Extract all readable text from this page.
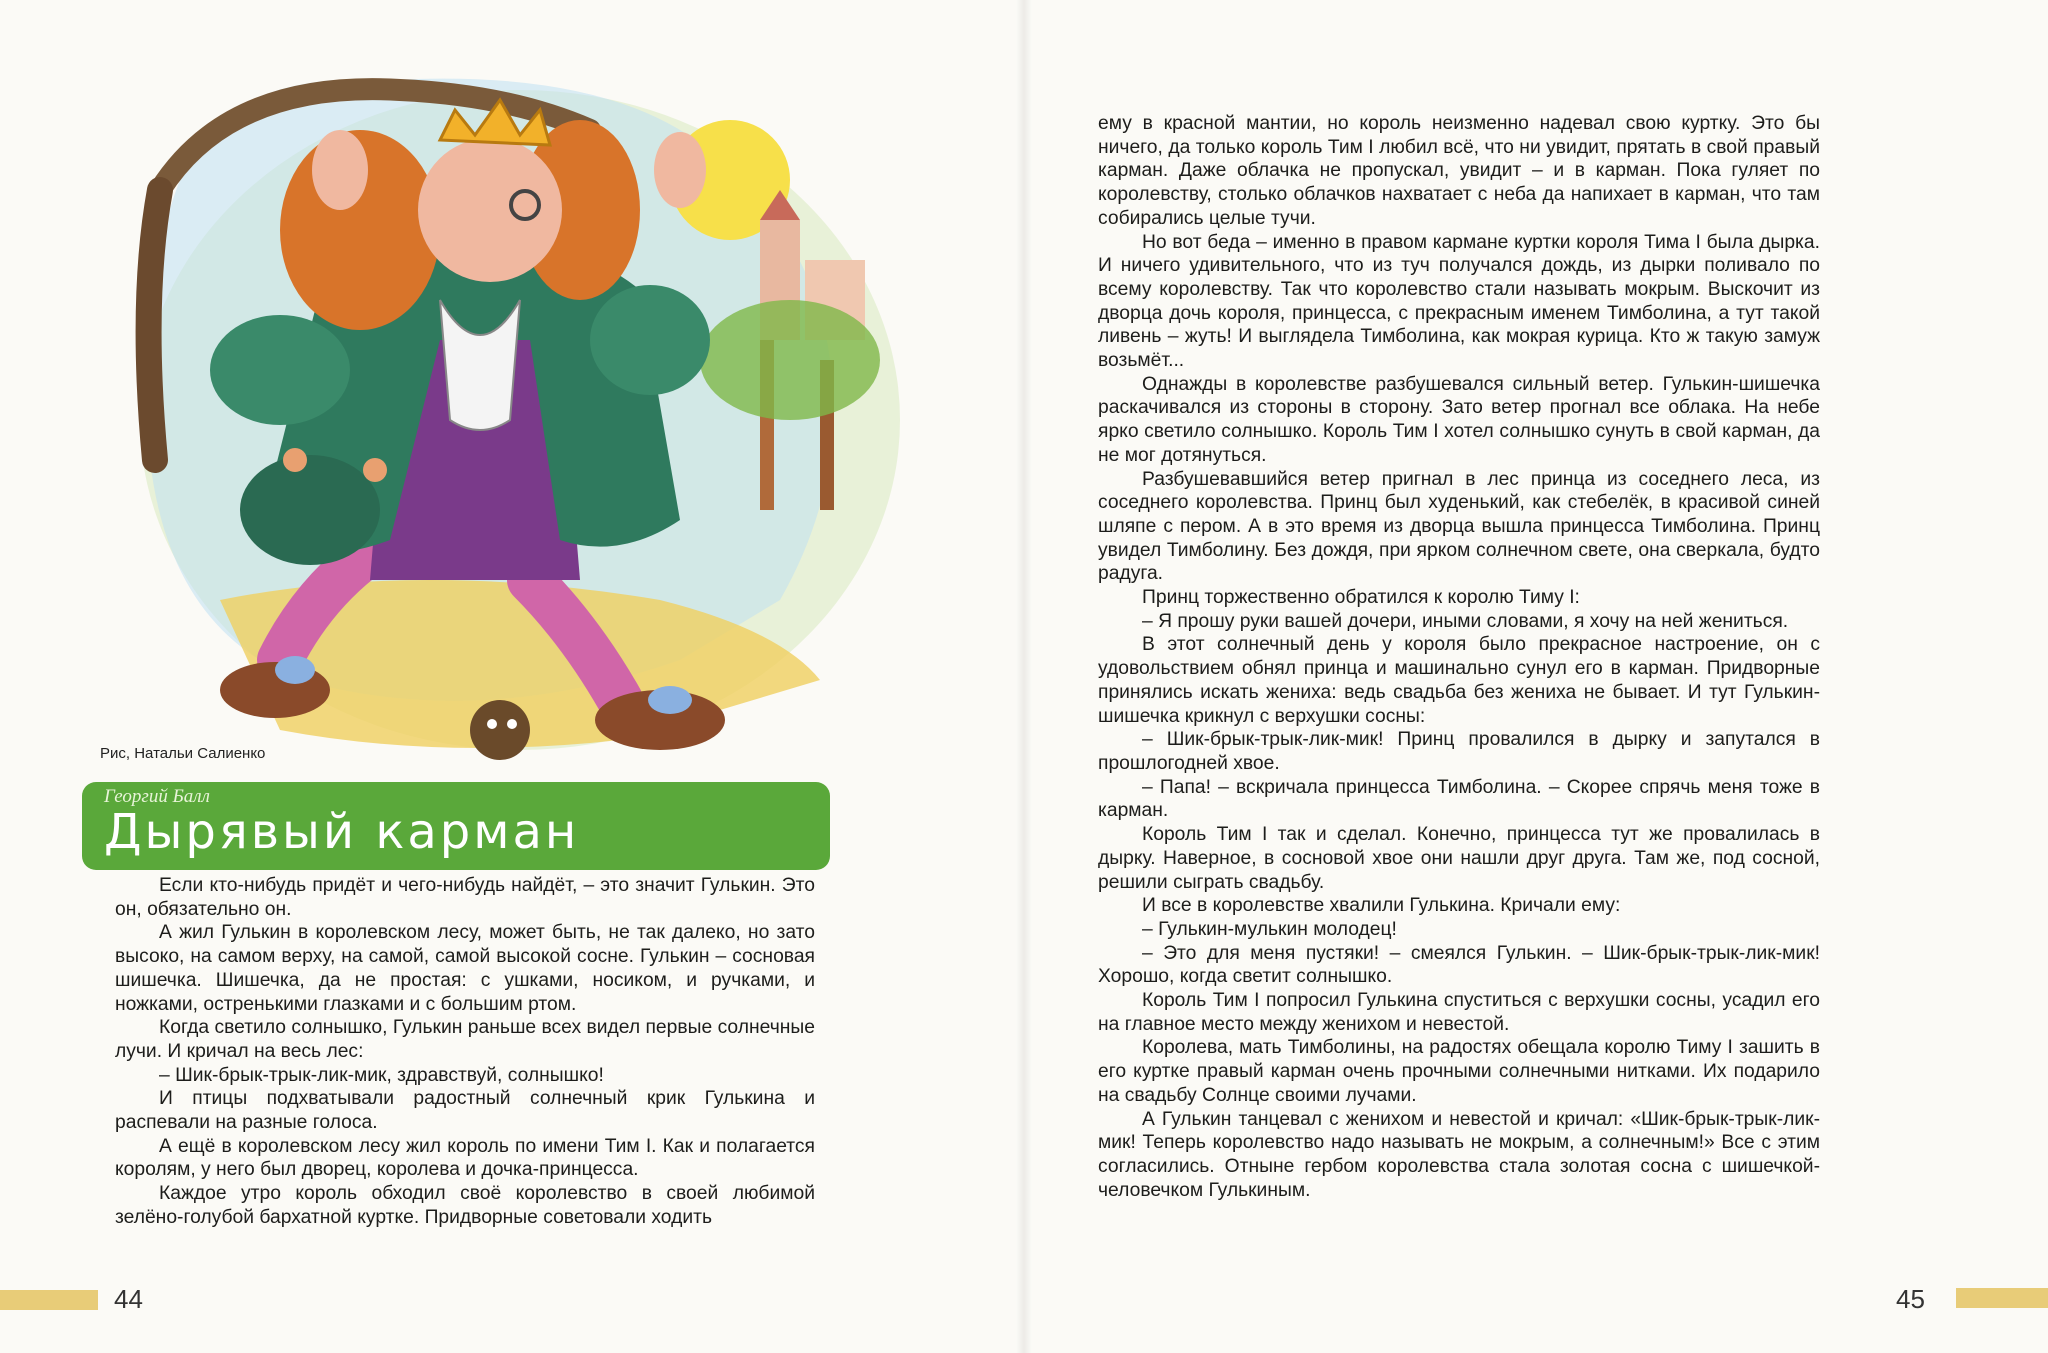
Рис, Натальи Салиенко
Георгий Балл
Дырявый карман

Если кто-нибудь придёт и чего-нибудь найдёт, – это значит Гулькин. Это он, обязательно он.

А жил Гулькин в королевском лесу, может быть, не так далеко, но зато высоко, на самом верху, на самой, самой высокой сосне. Гулькин – сосновая шишечка. Шишечка, да не простая: с ушками, носиком, и ручками, и ножками, остренькими глазками и с большим ртом.

Когда светило солнышко, Гулькин раньше всех видел первые солнечные лучи. И кричал на весь лес:

– Шик-брык-трык-лик-мик, здравствуй, солнышко!

И птицы подхватывали радостный солнечный крик Гулькина и распевали на разные голоса.

А ещё в королевском лесу жил король по имени Тим I. Как и полагается королям, у него был дворец, королева и дочка-принцесса.

Каждое утро король обходил своё королевство в своей любимой зелёно-голубой бархатной куртке. Придворные советовали ходить

44

ему в красной мантии, но король неизменно надевал свою куртку. Это бы ничего, да только король Тим I любил всё, что ни увидит, прятать в свой правый карман. Даже облачка не пропускал, увидит – и в карман. Пока гуляет по королевству, столько облачков нахватает с неба да напихает в карман, что там собирались целые тучи.

Но вот беда – именно в правом кармане куртки короля Тима I была дырка. И ничего удивительного, что из туч получался дождь, из дырки поливало по всему королевству. Так что королевство стали называть мокрым. Выскочит из дворца дочь короля, принцесса, с прекрасным именем Тимболина, а тут такой ливень – жуть! И выглядела Тимболина, как мокрая курица. Кто ж такую замуж возьмёт...

Однажды в королевстве разбушевался сильный ветер. Гулькин-шишечка раскачивался из стороны в сторону. Зато ветер прогнал все облака. На небе ярко светило солнышко. Король Тим I хотел солнышко сунуть в свой карман, да не мог дотянуться.

Разбушевавшийся ветер пригнал в лес принца из соседнего леса, из соседнего королевства. Принц был худенький, как стебелёк, в красивой синей шляпе с пером. А в это время из дворца вышла принцесса Тимболина. Принц увидел Тимболину. Без дождя, при ярком солнечном свете, она сверкала, будто радуга.

Принц торжественно обратился к королю Тиму I:

– Я прошу руки вашей дочери, иными словами, я хочу на ней жениться.

В этот солнечный день у короля было прекрасное настроение, он с удовольствием обнял принца и машинально сунул его в карман. Придворные принялись искать жениха: ведь свадьба без жениха не бывает. И тут Гулькин-шишечка крикнул с верхушки сосны:

– Шик-брык-трык-лик-мик! Принц провалился в дырку и запутался в прошлогодней хвое.

– Папа! – вскричала принцесса Тимболина. – Скорее спрячь меня тоже в карман.

Король Тим I так и сделал. Конечно, принцесса тут же провалилась в дырку. Наверное, в сосновой хвое они нашли друг друга. Там же, под сосной, решили сыграть свадьбу.

И все в королевстве хвалили Гулькина. Кричали ему:

– Гулькин-мулькин молодец!

– Это для меня пустяки! – смеялся Гулькин. – Шик-брык-трык-лик-мик! Хорошо, когда светит солнышко.

Король Тим I попросил Гулькина спуститься с верхушки сосны, усадил его на главное место между женихом и невестой.

Королева, мать Тимболины, на радостях обещала королю Тиму I зашить в его куртке правый карман очень прочными солнечными нитками. Их подарило на свадьбу Солнце своими лучами.

А Гулькин танцевал с женихом и невестой и кричал: «Шик-брык-трык-лик-мик! Теперь королевство надо называть не мокрым, а солнечным!» Все с этим согласились. Отныне гербом королевства стала золотая сосна с шишечкой-человечком Гулькиным.

45
